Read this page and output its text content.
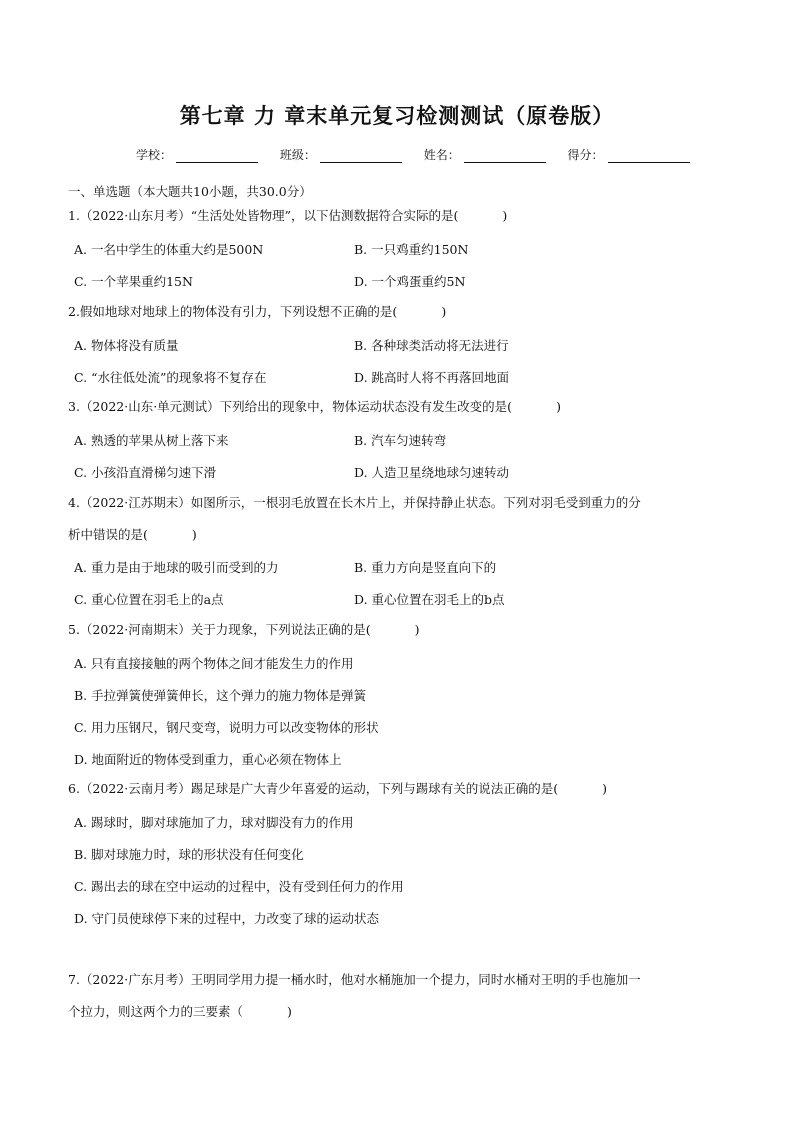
第七章 力 章末单元复习检测测试（原卷版）
学校：	班级：	姓名：	得分：
一、单选题（本大题共10小题，共30.0分）
1.（2022·山东月考）“生活处处皆物理”，以下估测数据符合实际的是(	)
A. 一名中学生的体重大约是500N	B. 一只鸡重约150N
C. 一个苹果重约15N	D. 一个鸡蛋重约5N
2.假如地球对地球上的物体没有引力，下列设想不正确的是(	)
A. 物体将没有质量	B. 各种球类活动将无法进行
C. “水往低处流”的现象将不复存在	D. 跳高时人将不再落回地面
3.（2022·山东·单元测试）下列给出的现象中，物体运动状态没有发生改变的是(	)
A. 熟透的苹果从树上落下来	B. 汽车匀速转弯
C. 小孩沿直滑梯匀速下滑	D. 人造卫星绕地球匀速转动
4.（2022·江苏期末）如图所示，一根羽毛放置在长木片上，并保持静止状态。下列对羽毛受到重力的分
析中错误的是(	)
A. 重力是由于地球的吸引而受到的力	B. 重力方向是竖直向下的
C. 重心位置在羽毛上的a点	D. 重心位置在羽毛上的b点
5.（2022·河南期末）关于力现象，下列说法正确的是(	)
A. 只有直接接触的两个物体之间才能发生力的作用
B. 手拉弹簧使弹簧伸长，这个弹力的施力物体是弹簧
C. 用力压钢尺，钢尺变弯，说明力可以改变物体的形状
D. 地面附近的物体受到重力，重心必须在物体上
6.（2022·云南月考）踢足球是广大青少年喜爱的运动，下列与踢球有关的说法正确的是(	)
A. 踢球时，脚对球施加了力，球对脚没有力的作用
B. 脚对球施力时，球的形状没有任何变化
C. 踢出去的球在空中运动的过程中，没有受到任何力的作用
D. 守门员使球停下来的过程中，力改变了球的运动状态
7.（2022·广东月考）王明同学用力提一桶水时，他对水桶施加一个提力，同时水桶对王明的手也施加一
个拉力，则这两个力的三要素（	)
